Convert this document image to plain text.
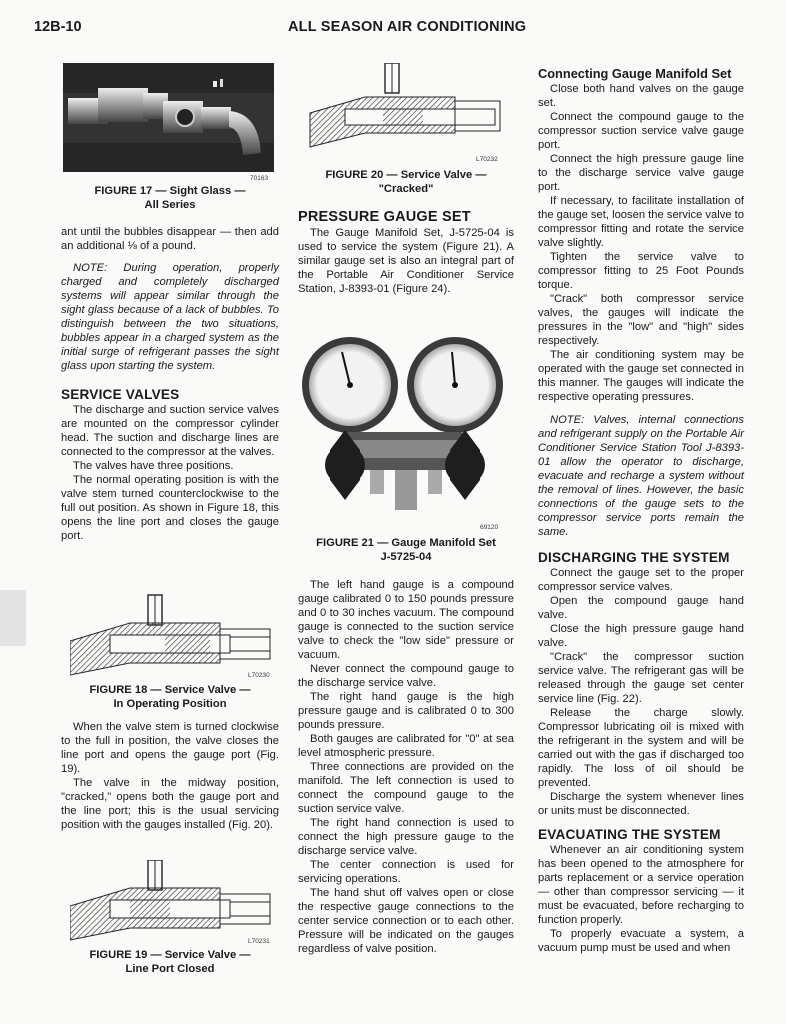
12B-10	ALL SEASON AIR CONDITIONING
70163
FIGURE 17 — Sight Glass —
All Series

ant until the bubbles disappear — then add an additional ⅛ of a pound.

NOTE: During operation, properly charged and completely discharged systems will appear similar through the sight glass because of a lack of bubbles. To distinguish between the two situations, bubbles appear in a charged system as the initial surge of refrigerant passes the sight glass upon starting the system.

SERVICE VALVES

The discharge and suction service valves are mounted on the compressor cylinder head. The suction and discharge lines are connected to the compressor at the valves.

The valves have three positions.

The normal operating position is with the valve stem turned counterclockwise to the full out position. As shown in Figure 18, this opens the line port and closes the gauge port.

L70230
FIGURE 18 — Service Valve —
In Operating Position

When the valve stem is turned clockwise to the full in position, the valve closes the line port and opens the gauge port (Fig. 19).

The valve in the midway position, "cracked," opens both the gauge port and the line port; this is the usual servicing position with the gauges installed (Fig. 20).

L70231
FIGURE 19 — Service Valve —
Line Port Closed
L70232
FIGURE 20 — Service Valve —
"Cracked"
PRESSURE GAUGE SET

The Gauge Manifold Set, J-5725-04 is used to service the system (Figure 21). A similar gauge set is also an integral part of the Portable Air Conditioner Service Station, J-8393-01 (Figure 24).

69120
FIGURE 21 — Gauge Manifold Set
J-5725-04

The left hand gauge is a compound gauge calibrated 0 to 150 pounds pressure and 0 to 30 inches vacuum. The compound gauge is connected to the suction service valve to check the "low side" pressure or vacuum.

Never connect the compound gauge to the discharge service valve.

The right hand gauge is the high pressure gauge and is calibrated 0 to 300 pounds pressure.

Both gauges are calibrated for "0" at sea level atmospheric pressure.

Three connections are provided on the manifold. The left connection is used to connect the compound gauge to the suction service valve.

The right hand connection is used to connect the high pressure gauge to the discharge service valve.

The center connection is used for servicing operations.

The hand shut off valves open or close the respective gauge connections to the center service connection or to each other. Pressure will be indicated on the gauges regardless of valve position.

Connecting Gauge Manifold Set

Close both hand valves on the gauge set.

Connect the compound gauge to the compressor suction service valve gauge port.

Connect the high pressure gauge line to the discharge service valve gauge port.

If necessary, to facilitate installation of the gauge set, loosen the service valve to compressor fitting and rotate the service valve slightly.

Tighten the service valve to compressor fitting to 25 Foot Pounds torque.

"Crack" both compressor service valves, the gauges will indicate the pressures in the "low" and "high" sides respectively.

The air conditioning system may be operated with the gauge set connected in this manner. The gauges will indicate the respective operating pressures.

NOTE: Valves, internal connections and refrigerant supply on the Portable Air Conditioner Service Station Tool J-8393-01 allow the operator to discharge, evacuate and recharge a system without the removal of lines. However, the basic connections of the gauge sets to the compressor service ports remain the same.

DISCHARGING THE SYSTEM

Connect the gauge set to the proper compressor service valves.

Open the compound gauge hand valve.

Close the high pressure gauge hand valve.

"Crack" the compressor suction service valve. The refrigerant gas will be released through the gauge set center service line (Fig. 22).

Release the charge slowly. Compressor lubricating oil is mixed with the refrigerant in the system and will be carried out with the gas if discharged too rapidly. The loss of oil should be prevented.

Discharge the system whenever lines or units must be disconnected.

EVACUATING THE SYSTEM

Whenever an air conditioning system has been opened to the atmosphere for parts replacement or a service operation — other than compressor servicing — it must be evacuated, before recharging to function properly.

To properly evacuate a system, a vacuum pump must be used and when
